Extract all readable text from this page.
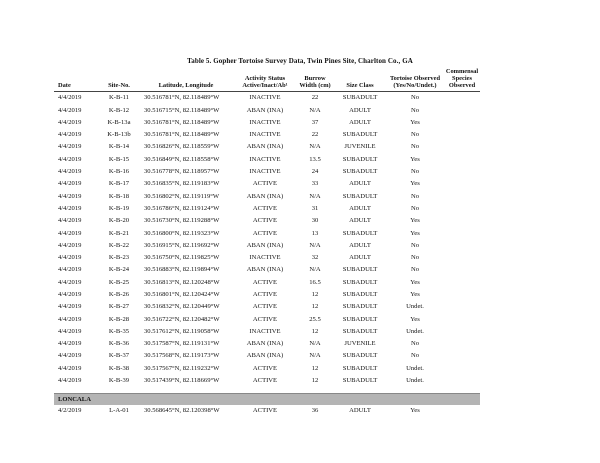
Table 5. Gopher Tortoise Survey Data, Twin Pines Site, Charlton Co., GA
Date	Site-No.	Latitude, Longitude	Activity Status Active/Inact/Ab¹	Burrow Width (cm)	Size Class	Tortoise Observed (Yes/No/Undet.)	Commensal Species Observed
4/4/2019	K-B-11	30.516781°N, 82.118489°W	INACTIVE	22	SUBADULT	No	
4/4/2019	K-B-12	30.516715°N, 82.118489°W	ABAN (INA)	N/A	ADULT	No	
4/4/2019	K-B-13a	30.516781°N, 82.118489°W	INACTIVE	37	ADULT	Yes	
4/4/2019	K-B-13b	30.516781°N, 82.118489°W	INACTIVE	22	SUBADULT	No	
4/4/2019	K-B-14	30.516826°N, 82.118559°W	ABAN (INA)	N/A	JUVENILE	No	
4/4/2019	K-B-15	30.516849°N, 82.118558°W	INACTIVE	13.5	SUBADULT	Yes	
4/4/2019	K-B-16	30.516778°N, 82.118957°W	INACTIVE	24	SUBADULT	No	
4/4/2019	K-B-17	30.516835°N, 82.119183°W	ACTIVE	33	ADULT	Yes	
4/4/2019	K-B-18	30.516802°N, 82.119119°W	ABAN (INA)	N/A	SUBADULT	No	
4/4/2019	K-B-19	30.516786°N, 82.119124°W	ACTIVE	31	ADULT	No	
4/4/2019	K-B-20	30.516730°N, 82.119288°W	ACTIVE	30	ADULT	Yes	
4/4/2019	K-B-21	30.516800°N, 82.119323°W	ACTIVE	13	SUBADULT	Yes	
4/4/2019	K-B-22	30.516915°N, 82.119692°W	ABAN (INA)	N/A	ADULT	No	
4/4/2019	K-B-23	30.516750°N, 82.119825°W	INACTIVE	32	ADULT	No	
4/4/2019	K-B-24	30.516883°N, 82.119894°W	ABAN (INA)	N/A	SUBADULT	No	
4/4/2019	K-B-25	30.516813°N, 82.120248°W	ACTIVE	16.5	SUBADULT	Yes	
4/4/2019	K-B-26	30.516801°N, 82.120424°W	ACTIVE	12	SUBADULT	Yes	
4/4/2019	K-B-27	30.516832°N, 82.120449°W	ACTIVE	12	SUBADULT	Undet.	
4/4/2019	K-B-28	30.516722°N, 82.120482°W	ACTIVE	25.5	SUBADULT	Yes	
4/4/2019	K-B-35	30.517612°N, 82.119058°W	INACTIVE	12	SUBADULT	Undet.	
4/4/2019	K-B-36	30.517587°N, 82.119131°W	ABAN (INA)	N/A	JUVENILE	No	
4/4/2019	K-B-37	30.517568°N, 82.119173°W	ABAN (INA)	N/A	SUBADULT	No	
4/4/2019	K-B-38	30.517567°N, 82.119232°W	ACTIVE	12	SUBADULT	Undet.	
4/4/2019	K-B-39	30.517439°N, 82.118669°W	ACTIVE	12	SUBADULT	Undet.	

LONCALA							
4/2/2019	L-A-01	30.568645°N, 82.120398°W	ACTIVE	36	ADULT	Yes	
